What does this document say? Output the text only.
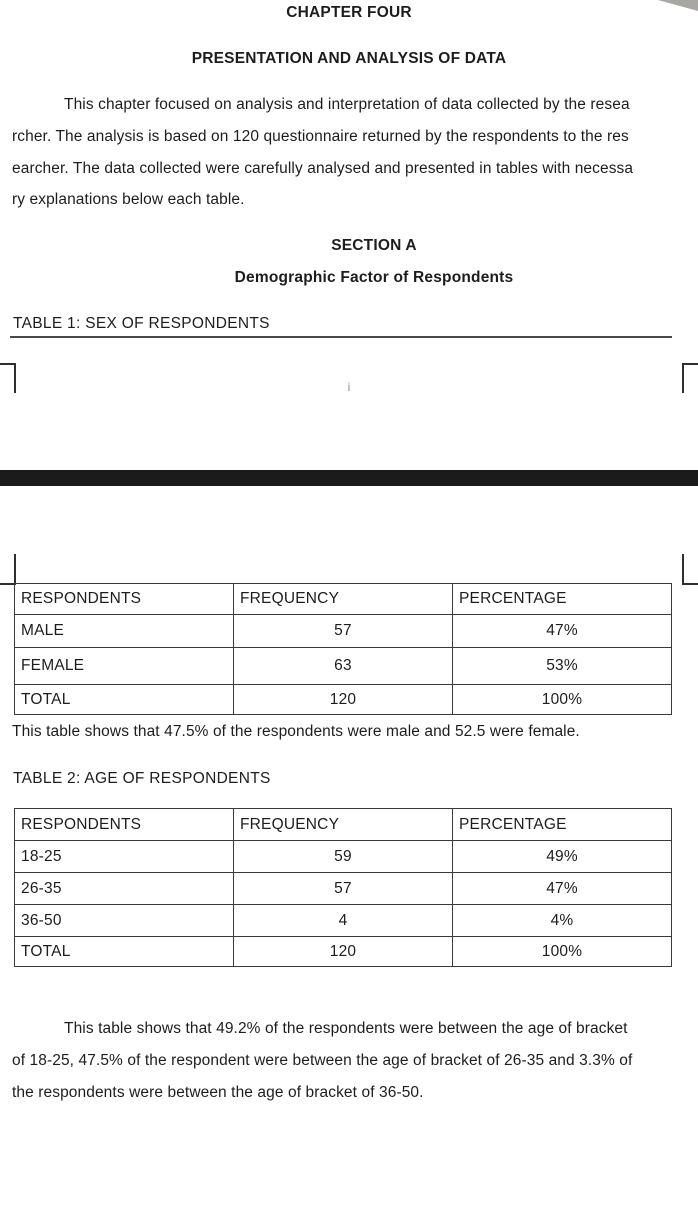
CHAPTER FOUR
PRESENTATION AND ANALYSIS OF DATA
This chapter focused on analysis and interpretation of data collected by the resea
rcher. The analysis is based on 120 questionnaire returned by the respondents to the res
earcher. The data collected were carefully analysed and presented in tables with necessa
ry explanations below each table.
SECTION A
Demographic Factor of Respondents
TABLE 1: SEX OF RESPONDENTS
i
RESPONDENTS	FREQUENCY	PERCENTAGE
MALE	57	47%
FEMALE	63	53%
TOTAL	120	100%
This table shows that 47.5% of the respondents were male and 52.5 were female.
TABLE 2: AGE OF RESPONDENTS
RESPONDENTS	FREQUENCY	PERCENTAGE
18-25	59	49%
26-35	57	47%
36-50	4	4%
TOTAL	120	100%
This table shows that 49.2% of the respondents were between the age of bracket
of 18-25, 47.5% of the respondent were between the age of bracket of 26-35 and 3.3% of
the respondents were between the age of bracket of 36-50.
